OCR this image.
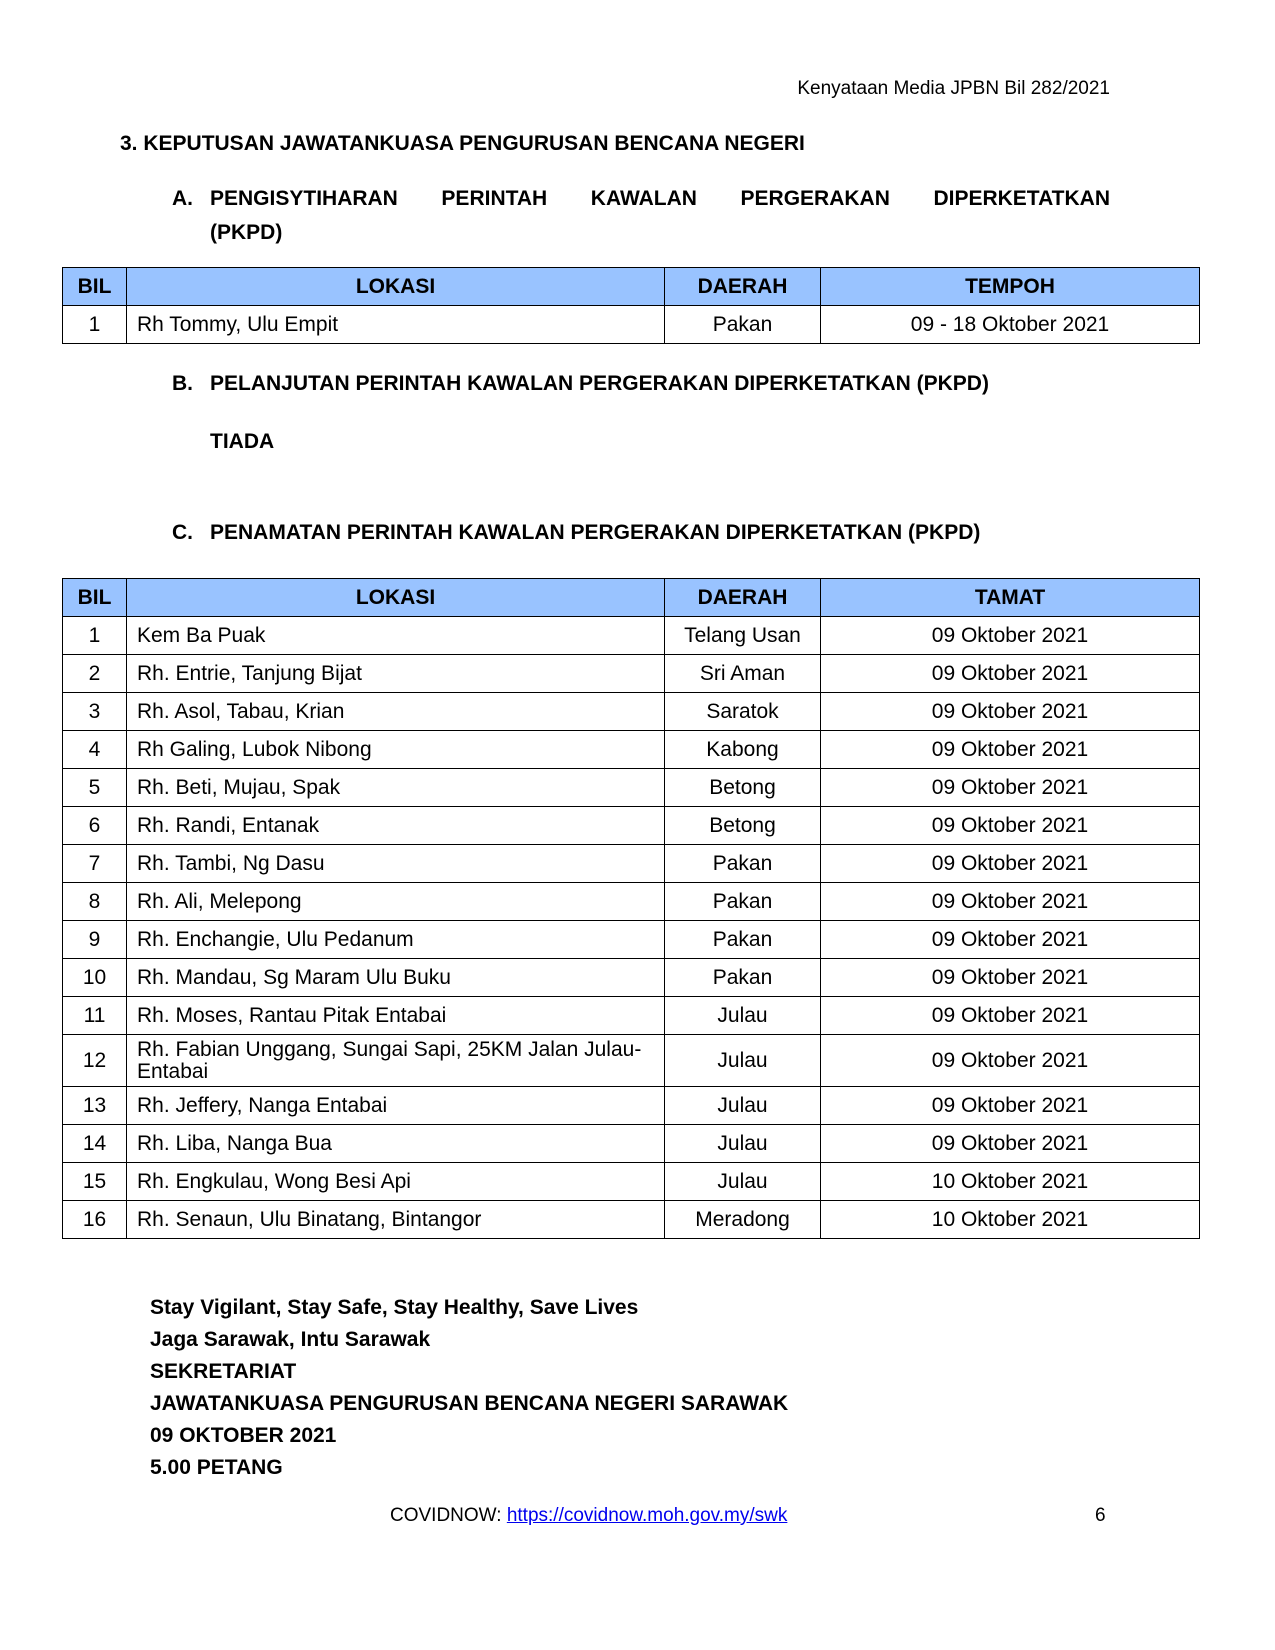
Kenyataan Media JPBN Bil 282/2021
3. KEPUTUSAN JAWATANKUASA PENGURUSAN BENCANA NEGERI
A. PENGISYTIHARAN PERINTAH KAWALAN PERGERAKAN DIPERKETATKAN
(PKPD)
BIL	LOKASI	DAERAH	TEMPOH
1	Rh Tommy, Ulu Empit	Pakan	09 - 18 Oktober 2021
B. PELANJUTAN PERINTAH KAWALAN PERGERAKAN DIPERKETATKAN (PKPD)
TIADA
C. PENAMATAN PERINTAH KAWALAN PERGERAKAN DIPERKETATKAN (PKPD)
BIL	LOKASI	DAERAH	TAMAT
1	Kem Ba Puak	Telang Usan	09 Oktober 2021
2	Rh. Entrie, Tanjung Bijat	Sri Aman	09 Oktober 2021
3	Rh. Asol, Tabau, Krian	Saratok	09 Oktober 2021
4	Rh Galing, Lubok Nibong	Kabong	09 Oktober 2021
5	Rh. Beti, Mujau, Spak	Betong	09 Oktober 2021
6	Rh. Randi, Entanak	Betong	09 Oktober 2021
7	Rh. Tambi, Ng Dasu	Pakan	09 Oktober 2021
8	Rh. Ali, Melepong	Pakan	09 Oktober 2021
9	Rh. Enchangie, Ulu Pedanum	Pakan	09 Oktober 2021
10	Rh. Mandau, Sg Maram Ulu Buku	Pakan	09 Oktober 2021
11	Rh. Moses, Rantau Pitak Entabai	Julau	09 Oktober 2021
12	Rh. Fabian Unggang, Sungai Sapi, 25KM Jalan Julau-Entabai	Julau	09 Oktober 2021
13	Rh. Jeffery, Nanga Entabai	Julau	09 Oktober 2021
14	Rh. Liba, Nanga Bua	Julau	09 Oktober 2021
15	Rh. Engkulau, Wong Besi Api	Julau	10 Oktober 2021
16	Rh. Senaun, Ulu Binatang, Bintangor	Meradong	10 Oktober 2021
Stay Vigilant, Stay Safe, Stay Healthy, Save Lives
Jaga Sarawak, Intu Sarawak
SEKRETARIAT
JAWATANKUASA PENGURUSAN BENCANA NEGERI SARAWAK
09 OKTOBER 2021
5.00 PETANG
COVIDNOW: https://covidnow.moh.gov.my/swk	6
